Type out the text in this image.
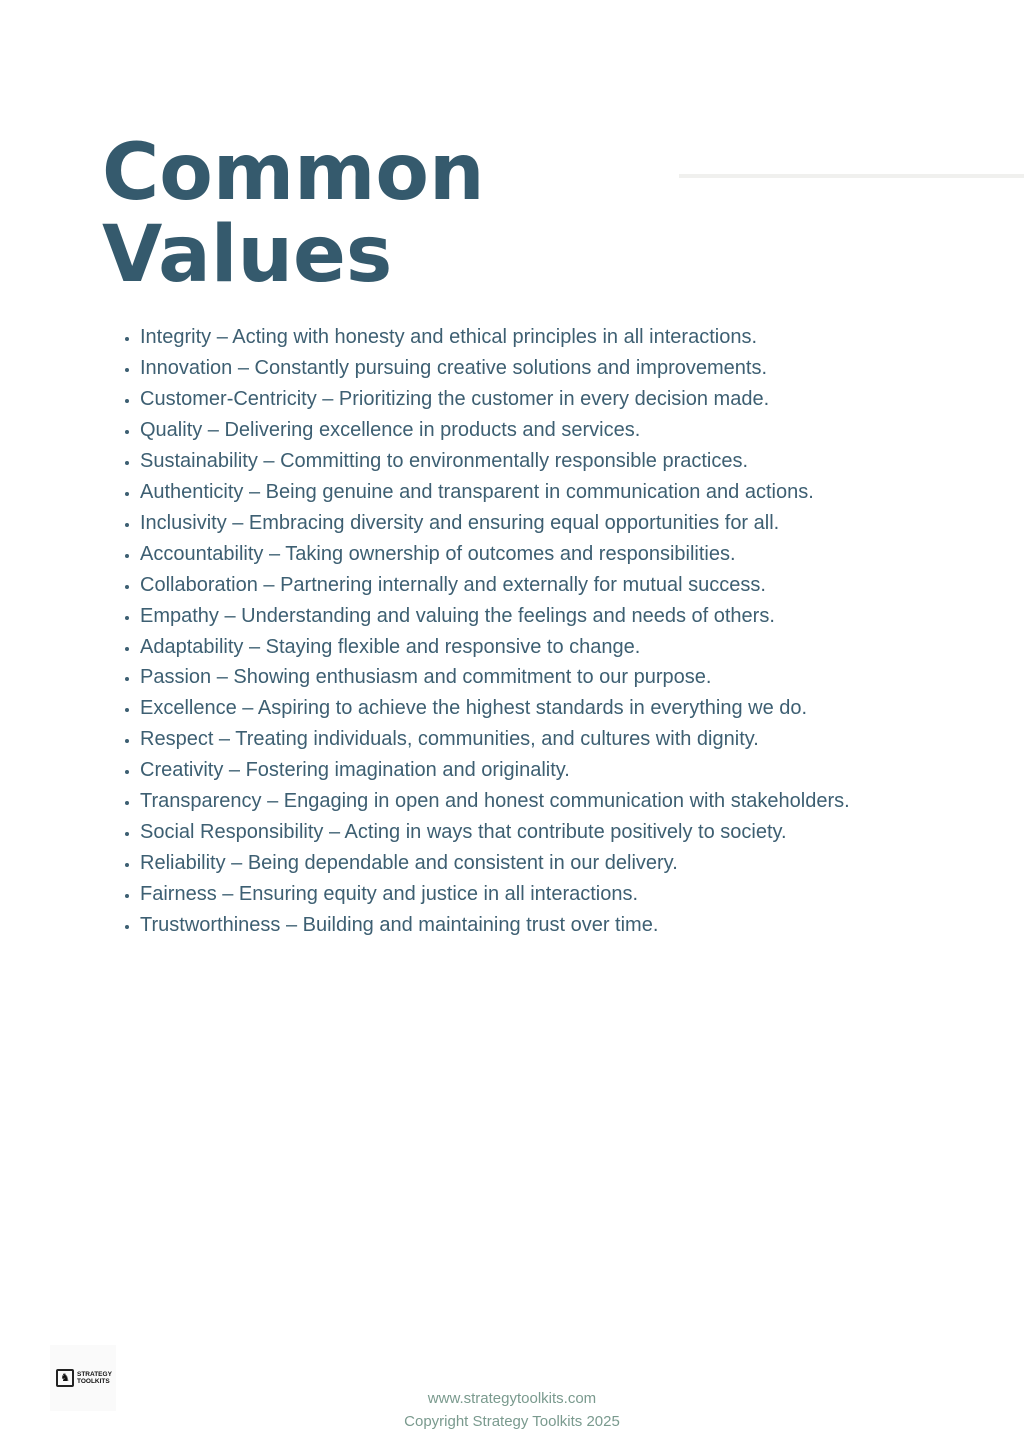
Common
Values
• Integrity – Acting with honesty and ethical principles in all interactions.
• Innovation – Constantly pursuing creative solutions and improvements.
• Customer-Centricity – Prioritizing the customer in every decision made.
• Quality – Delivering excellence in products and services.
• Sustainability – Committing to environmentally responsible practices.
• Authenticity – Being genuine and transparent in communication and actions.
• Inclusivity – Embracing diversity and ensuring equal opportunities for all.
• Accountability – Taking ownership of outcomes and responsibilities.
• Collaboration – Partnering internally and externally for mutual success.
• Empathy – Understanding and valuing the feelings and needs of others.
• Adaptability – Staying flexible and responsive to change.
• Passion – Showing enthusiasm and commitment to our purpose.
• Excellence – Aspiring to achieve the highest standards in everything we do.
• Respect – Treating individuals, communities, and cultures with dignity.
• Creativity – Fostering imagination and originality.
• Transparency – Engaging in open and honest communication with stakeholders.
• Social Responsibility – Acting in ways that contribute positively to society.
• Reliability – Being dependable and consistent in our delivery.
• Fairness – Ensuring equity and justice in all interactions.
• Trustworthiness – Building and maintaining trust over time.
♞	STRATEGY
TOOLKITS
www.strategytoolkits.com
Copyright Strategy Toolkits 2025
